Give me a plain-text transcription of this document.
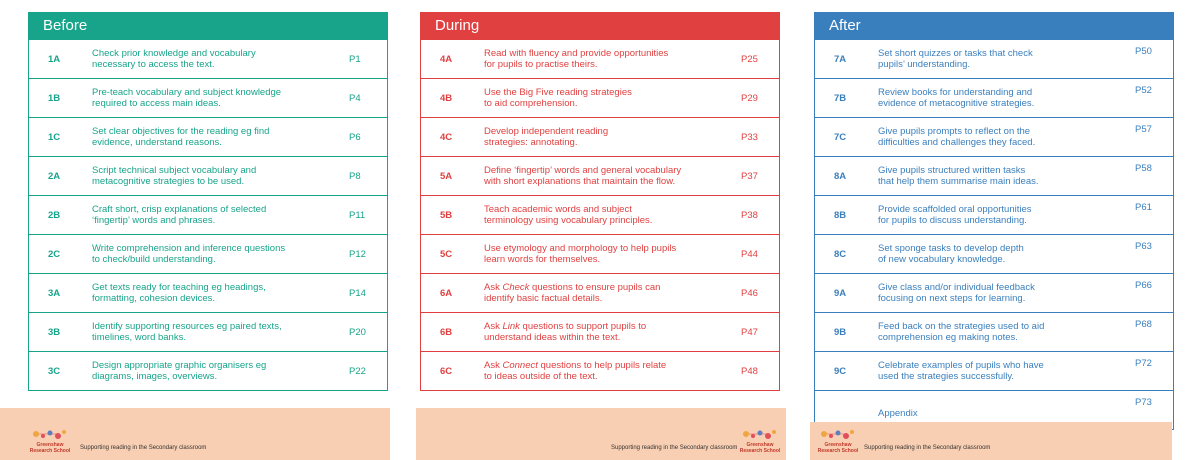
Before
1A	Check prior knowledge and vocabulary
necessary to access the text.	P1
1B	Pre-teach vocabulary and subject knowledge
required to access main ideas.	P4
1C	Set clear objectives for the reading eg find
evidence, understand reasons.	P6
2A	Script technical subject vocabulary and
metacognitive strategies to be used.	P8
2B	Craft short, crisp explanations of selected
‘fingertip’ words and phrases.	P11
2C	Write comprehension and inference questions
to check/build understanding.	P12
3A	Get texts ready for teaching eg headings,
formatting, cohesion devices.	P14
3B	Identify supporting resources eg paired texts,
timelines, word banks.	P20
3C	Design appropriate graphic organisers eg
diagrams, images, overviews.	P22
Greenshaw
Research School Supporting reading in the Secondary classroom
During
4A	Read with fluency and provide opportunities
for pupils to practise theirs.	P25
4B	Use the Big Five reading strategies
to aid comprehension.	P29
4C	Develop independent reading
strategies: annotating.	P33
5A	Define ‘fingertip’ words and general vocabulary
with short explanations that maintain the flow.	P37
5B	Teach academic words and subject
terminology using vocabulary principles.	P38
5C	Use etymology and morphology to help pupils
learn words for themselves.	P44
6A	Ask Check questions to ensure pupils can
identify basic factual details.	P46
6B	Ask Link questions to support pupils to
understand ideas within the text.	P47
6C	Ask Connect questions to help pupils relate
to ideas outside of the text.	P48
Supporting reading in the Secondary classroom	Greenshaw
Research School
After
7A	Set short quizzes or tasks that check
pupils’ understanding.
P50
7B	Review books for understanding and
evidence of metacognitive strategies.
P52
7C	Give pupils prompts to reflect on the
difficulties and challenges they faced.
P57
8A	Give pupils structured written tasks
that help them summarise main ideas.
P58
8B	Provide scaffolded oral opportunities
for pupils to discuss understanding.
P61
8C	Set sponge tasks to develop depth
of new vocabulary knowledge.
P63
9A	Give class and/or individual feedback
focusing on next steps for learning.
P66
9B	Feed back on the strategies used to aid
comprehension eg making notes.
P68
9C	Celebrate examples of pupils who have
used the strategies successfully.
P72
Appendix
P73
Greenshaw
Research School Supporting reading in the Secondary classroom
